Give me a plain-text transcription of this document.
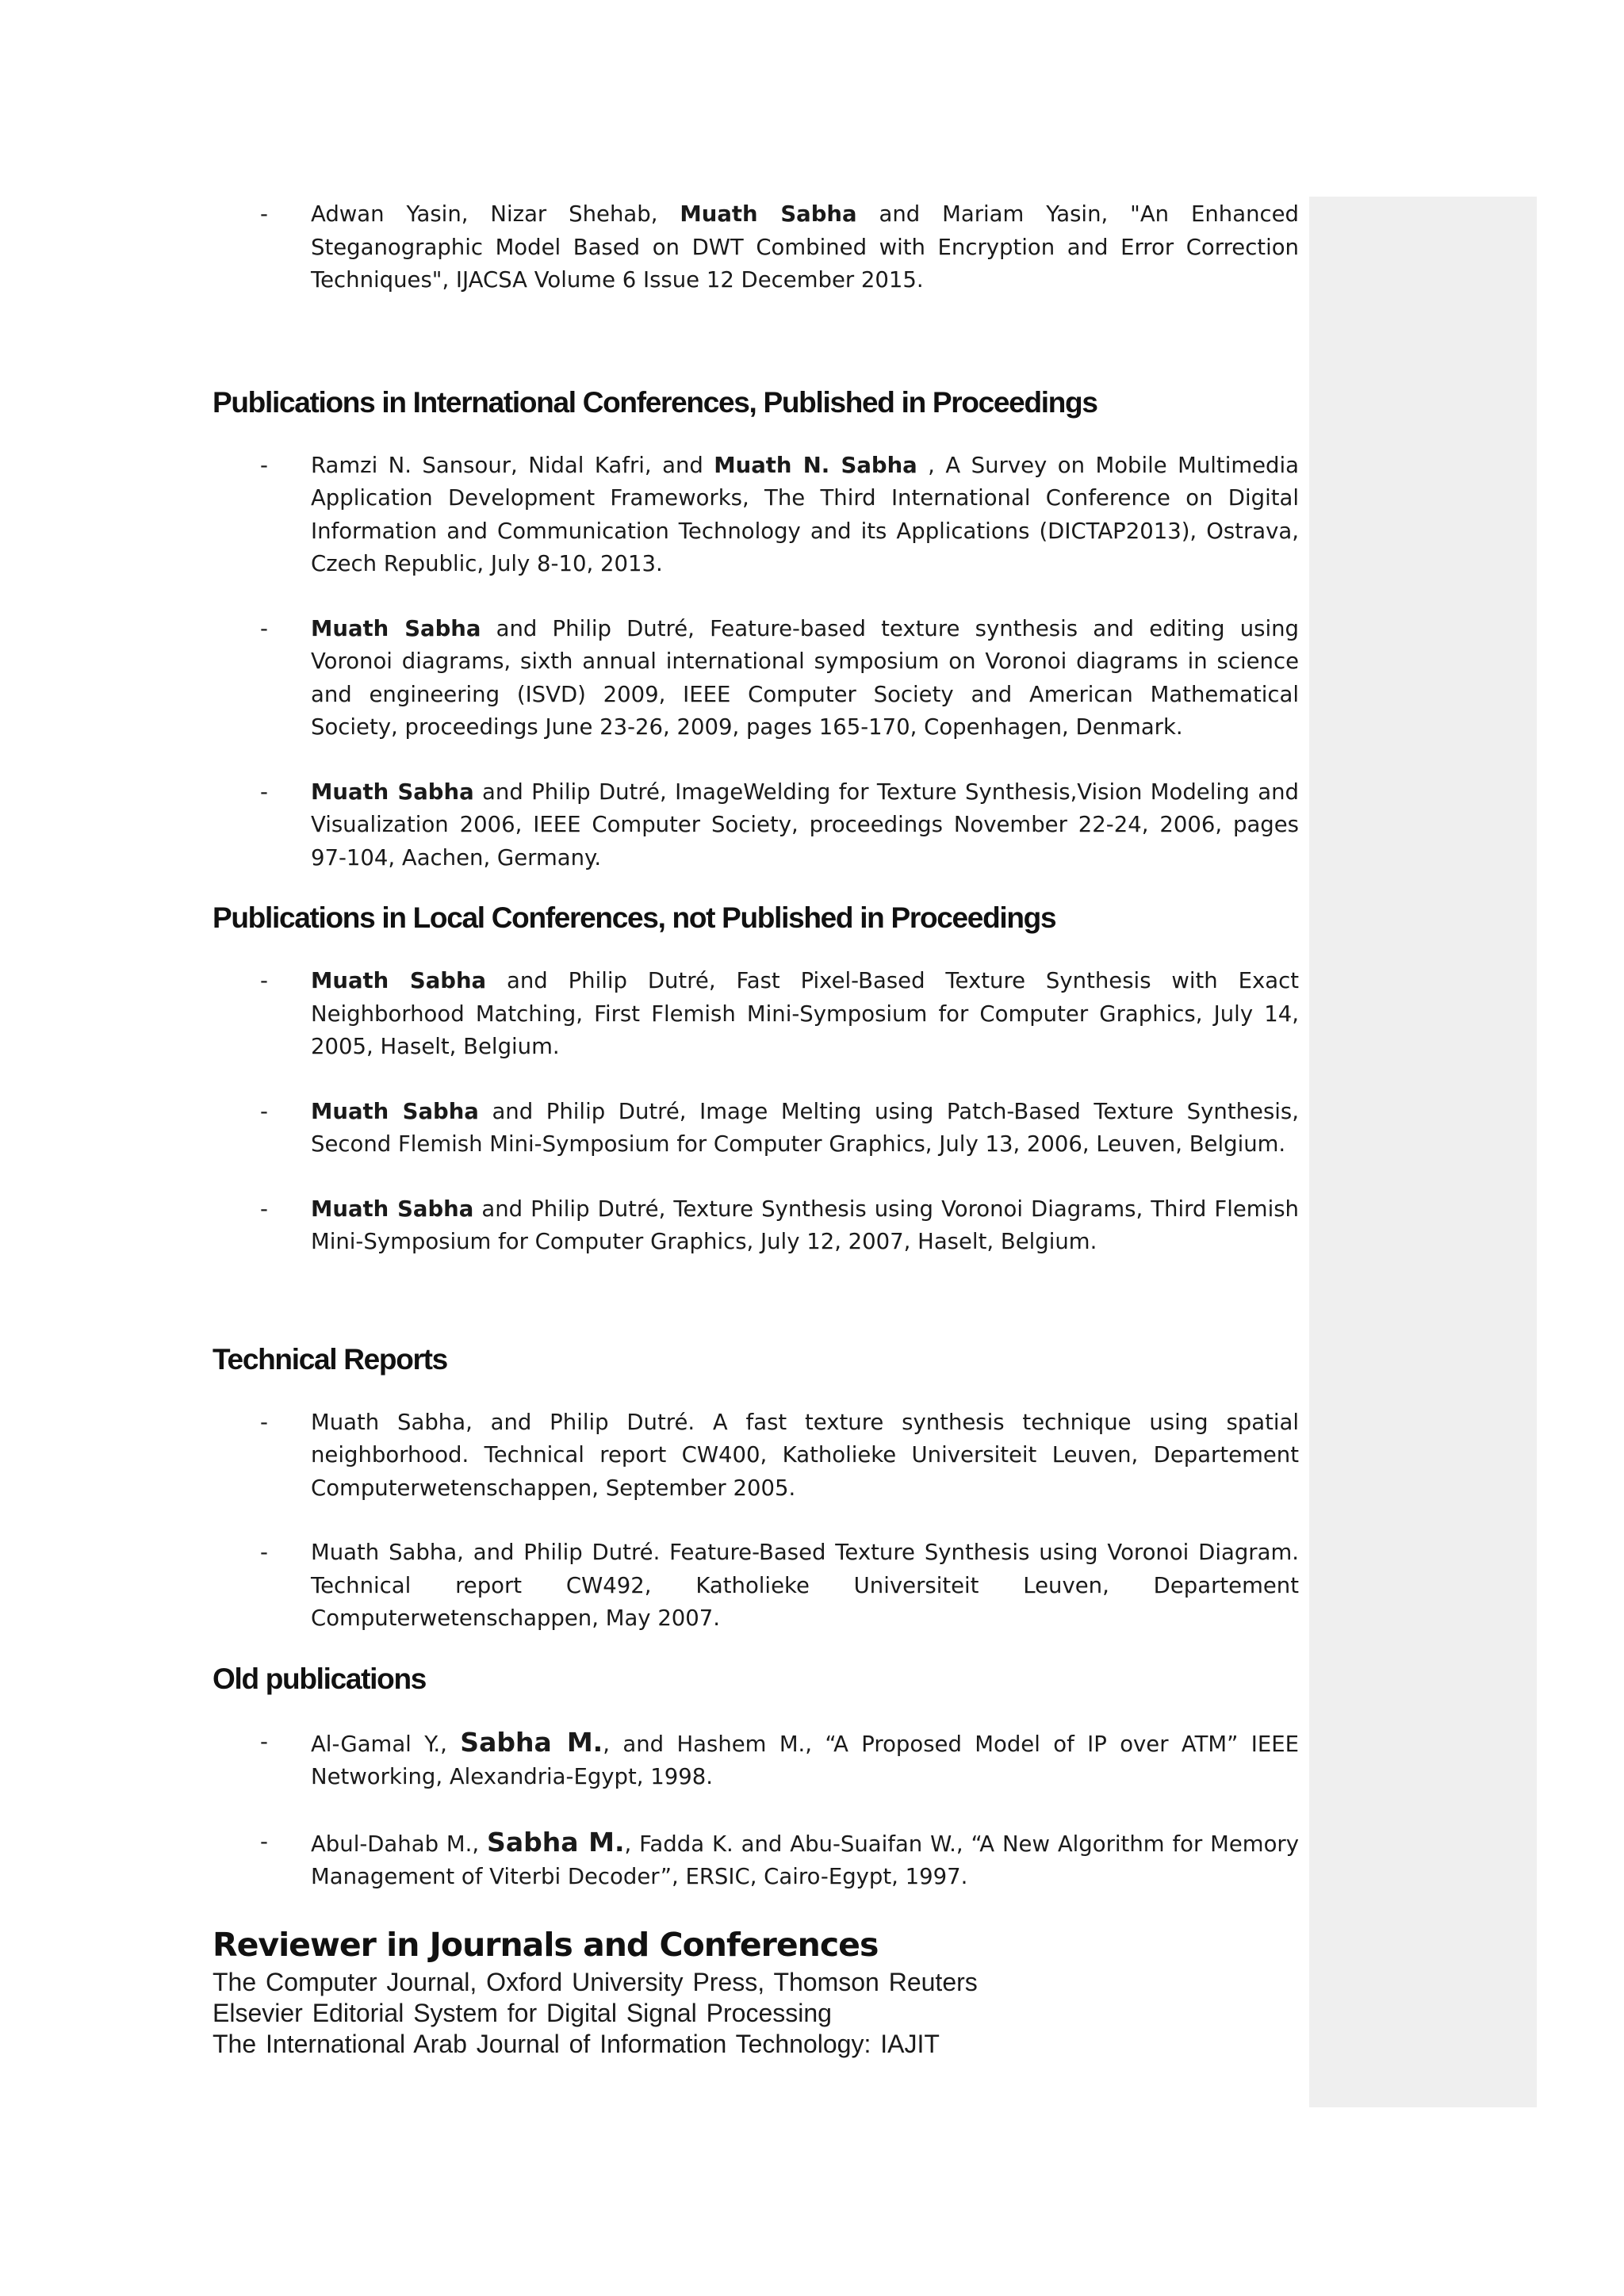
- Adwan Yasin, Nizar Shehab, Muath Sabha and Mariam Yasin, "An Enhanced Steganographic Model Based on DWT Combined with Encryption and Error Correction Techniques", IJACSA Volume 6 Issue 12 December 2015.
Publications in International Conferences, Published in Proceedings
- Ramzi N. Sansour, Nidal Kafri, and Muath N. Sabha , A Survey on Mobile Multimedia Application Development Frameworks, The Third International Conference on Digital Information and Communication Technology and its Applications (DICTAP2013), Ostrava, Czech Republic, July 8-10, 2013.
- Muath Sabha and Philip Dutré, Feature-based texture synthesis and editing using Voronoi diagrams, sixth annual international symposium on Voronoi diagrams in science and engineering (ISVD) 2009, IEEE Computer Society and American Mathematical Society, proceedings June 23-26, 2009, pages 165-170, Copenhagen, Denmark.
- Muath Sabha and Philip Dutré, ImageWelding for Texture Synthesis,Vision Modeling and Visualization 2006, IEEE Computer Society, proceedings November 22-24, 2006, pages 97-104, Aachen, Germany.
Publications in Local Conferences, not Published in Proceedings
- Muath Sabha and Philip Dutré, Fast Pixel-Based Texture Synthesis with Exact Neighborhood Matching, First Flemish Mini-Symposium for Computer Graphics, July 14, 2005, Haselt, Belgium.
- Muath Sabha and Philip Dutré, Image Melting using Patch-Based Texture Synthesis, Second Flemish Mini-Symposium for Computer Graphics, July 13, 2006, Leuven, Belgium.
- Muath Sabha and Philip Dutré, Texture Synthesis using Voronoi Diagrams, Third Flemish Mini-Symposium for Computer Graphics, July 12, 2007, Haselt, Belgium.
Technical Reports
- Muath Sabha, and Philip Dutré. A fast texture synthesis technique using spatial neighborhood. Technical report CW400, Katholieke Universiteit Leuven, Departement Computerwetenschappen, September 2005.
- Muath Sabha, and Philip Dutré. Feature-Based Texture Synthesis using Voronoi Diagram. Technical report CW492, Katholieke Universiteit Leuven, Departement Computerwetenschappen, May 2007.
Old publications
- Al-Gamal Y., Sabha M., and Hashem M., “A Proposed Model of IP over ATM” IEEE Networking, Alexandria-Egypt, 1998.
- Abul-Dahab M., Sabha M., Fadda K. and Abu-Suaifan W., “A New Algorithm for Memory Management of Viterbi Decoder”, ERSIC, Cairo-Egypt, 1997.
Reviewer in Journals and Conferences
The Computer Journal, Oxford University Press, Thomson Reuters
Elsevier Editorial System for Digital Signal Processing
The International Arab Journal of Information Technology: IAJIT
